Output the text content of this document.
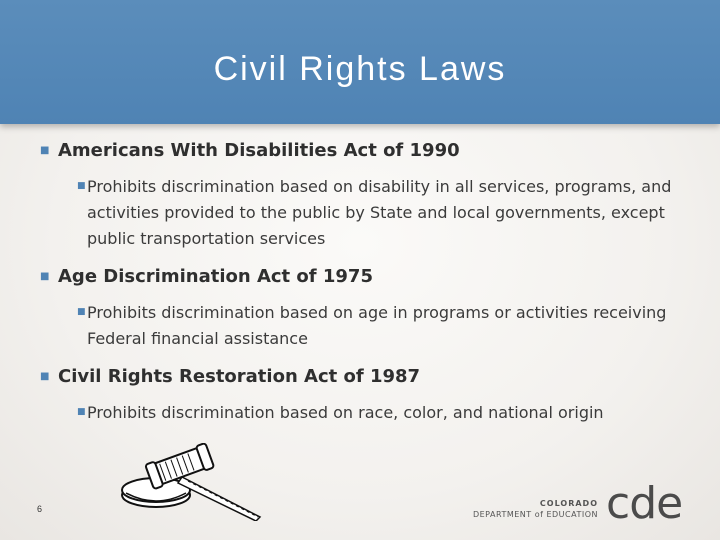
Civil Rights Laws
■ Americans With Disabilities Act of 1990
■ Prohibits discrimination based on disability in all services, programs, and activities provided to the public by State and local governments, except public transportation services
■ Age Discrimination Act of 1975
■ Prohibits discrimination based on age in programs or activities receiving Federal financial assistance
■ Civil Rights Restoration Act of 1987
■ Prohibits discrimination based on race, color, and national origin
6
COLORADO
DEPARTMENT of EDUCATION cde
